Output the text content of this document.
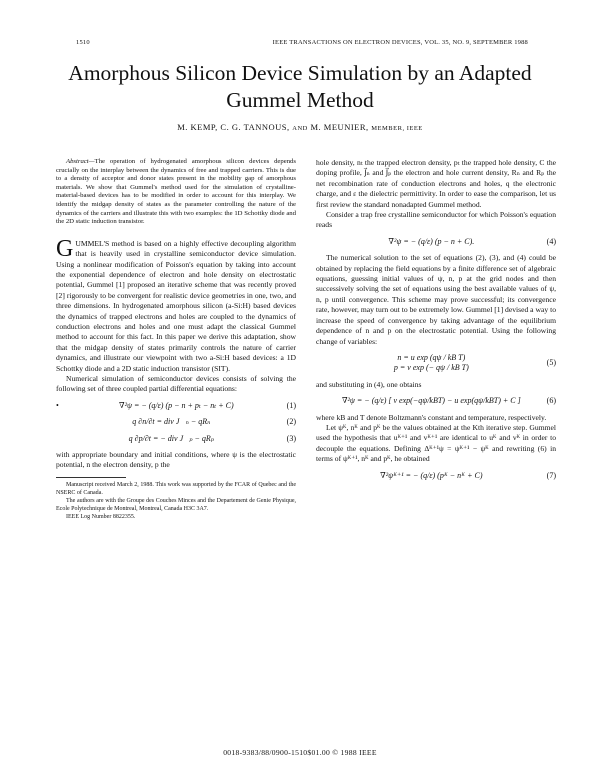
1510	IEEE TRANSACTIONS ON ELECTRON DEVICES, VOL. 35, NO. 9, SEPTEMBER 1988
Amorphous Silicon Device Simulation by an Adapted Gummel Method
M. KEMP, C. G. TANNOUS, AND M. MEUNIER, MEMBER, IEEE

Abstract—The operation of hydrogenated amorphous silicon devices depends crucially on the interplay between the dynamics of free and trapped carriers. This is due to a density of acceptor and donor states present in the mobility gap of amorphous materials. We show that Gummel's method used for the simulation of crystalline-material-based devices has to be modified in order to account for this interplay. We identify the midgap density of states as the parameter controlling the nature of the dynamics of the carriers and illustrate this with two examples: the 1D Schottky diode and the 2D static induction transistor.

GUMMEL'S method is based on a highly effective decoupling algorithm that is heavily used in crystalline semiconductor device simulation. Using a nonlinear modification of Poisson's equation by taking into account the exponential dependence of electron and hole density on electrostatic potential, Gummel [1] proposed an iterative scheme that was recently proved [2] rigorously to be convergent for realistic device geometries in one, two, and three dimensions. In hydrogenated amorphous silicon (a-Si:H) based devices the dynamics of trapped electrons and holes are coupled to the dynamics of conduction electrons and holes and one must adapt the classical Gummel method to account for this fact. In this paper we derive this adaptation, show that the midgap density of states primarily controls the nature of carrier dynamics, and illustrate our viewpoint with two a-Si:H based devices: a 1D Schottky diode and a 2D static induction transistor (SIT).

Numerical simulation of semiconductor devices consists of solving the following set of three coupled partial differential equations:

•	∇²ψ = − (q/ε) (p − n + pₜ − nₜ + C)	(1)
q ∂n/∂t = div J⃗ₙ − qRₙ	(2)
q ∂p/∂t = − div J⃗ₚ − qRₚ	(3)

with appropriate boundary and initial conditions, where ψ is the electrostatic potential, n the electron density, p the

Manuscript received March 2, 1988. This work was supported by the FCAR of Quebec and the NSERC of Canada.

The authors are with the Groupe des Couches Minces and the Departement de Genie Physique, Ecole Polytechnique de Montreal, Montreal, Canada H3C 3A7.

IEEE Log Number 8822355.

hole density, nₜ the trapped electron density, pₜ the trapped hole density, C the doping profile, J⃗ₙ and J⃗ₚ the electron and hole current density, Rₙ and Rₚ the net recombination rate of conduction electrons and holes, q the electronic charge, and ε the dielectric permittivity. In order to ease the comparison, let us first review the standard nonadapted Gummel method.

Consider a trap free crystalline semiconductor for which Poisson's equation reads

∇²ψ = − (q/ε) (p − n + C).	(4)

The numerical solution to the set of equations (2), (3), and (4) could be obtained by replacing the field equations by a finite difference set of algebraic equations, guessing initial values of ψ, n, p at the grid nodes and then successively solving the set of equations using the best available values of ψ, n, p until convergence. This scheme may prove successful; its convergence rate, however, may turn out to be extremely low. Gummel [1] devised a way to increase the speed of convergence by taking advantage of the equilibrium dependence of n and p on the electrostatic potential. Using the following change of variables:

n = u exp (qψ / kB T)
p = v exp (− qψ / kB T)
(5)

and substituting in (4), one obtains

∇²ψ = − (q/ε) [ v exp(−qψ/kBT) − u exp(qψ/kBT) + C ]	(6)

where kB and T denote Boltzmann's constant and temperature, respectively.

Let ψᴷ, nᴷ and pᴷ be the values obtained at the Kth iterative step. Gummel used the hypothesis that uᴷ⁺¹ and vᴷ⁺¹ are identical to uᴷ and vᴷ in order to decouple the equations. Defining Δᴷ⁺¹ψ = ψᴷ⁺¹ − ψᴷ and rewriting (6) in terms of ψᴷ⁺¹, nᴷ and pᴷ, he obtained

∇²ψᴷ⁺¹ = − (q/ε) (pᴷ − nᴷ + C)	(7)
0018-9383/88/0900-1510$01.00 © 1988 IEEE
